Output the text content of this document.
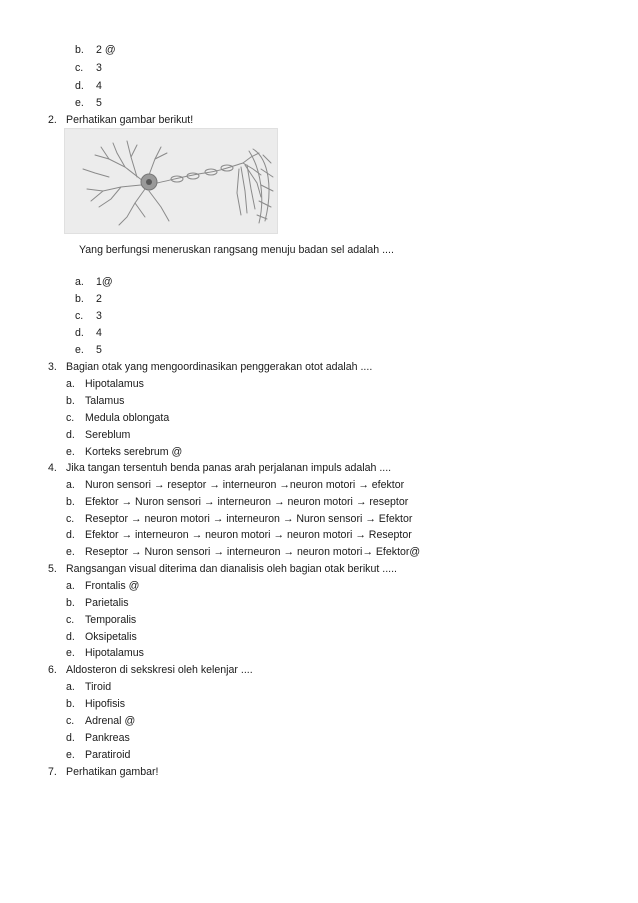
b. 2 @
c. 3
d. 4
e. 5
2. Perhatikan gambar berikut!
Yang berfungsi meneruskan rangsang menuju badan sel adalah ....
a. 1@
b. 2
c. 3
d. 4
e. 5
3. Bagian otak yang mengoordinasikan penggerakan otot adalah ....
a. Hipotalamus
b. Talamus
c. Medula oblongata
d. Sereblum
e. Korteks serebrum @
4. Jika tangan tersentuh benda panas arah perjalanan impuls adalah ....
a. Nuron sensori → reseptor → interneuron →neuron motori → efektor
b. Efektor → Nuron sensori → interneuron → neuron motori → reseptor
c. Reseptor → neuron motori → interneuron → Nuron sensori → Efektor
d. Efektor → interneuron → neuron motori → neuron motori → Reseptor
e. Reseptor → Nuron sensori → interneuron → neuron motori→ Efektor@
5. Rangsangan visual diterima dan dianalisis oleh bagian otak berikut .....
a. Frontalis @
b. Parietalis
c. Temporalis
d. Oksipetalis
e. Hipotalamus
6. Aldosteron di sekskresi oleh kelenjar ....
a. Tiroid
b. Hipofisis
c. Adrenal @
d. Pankreas
e. Paratiroid
7. Perhatikan gambar!
